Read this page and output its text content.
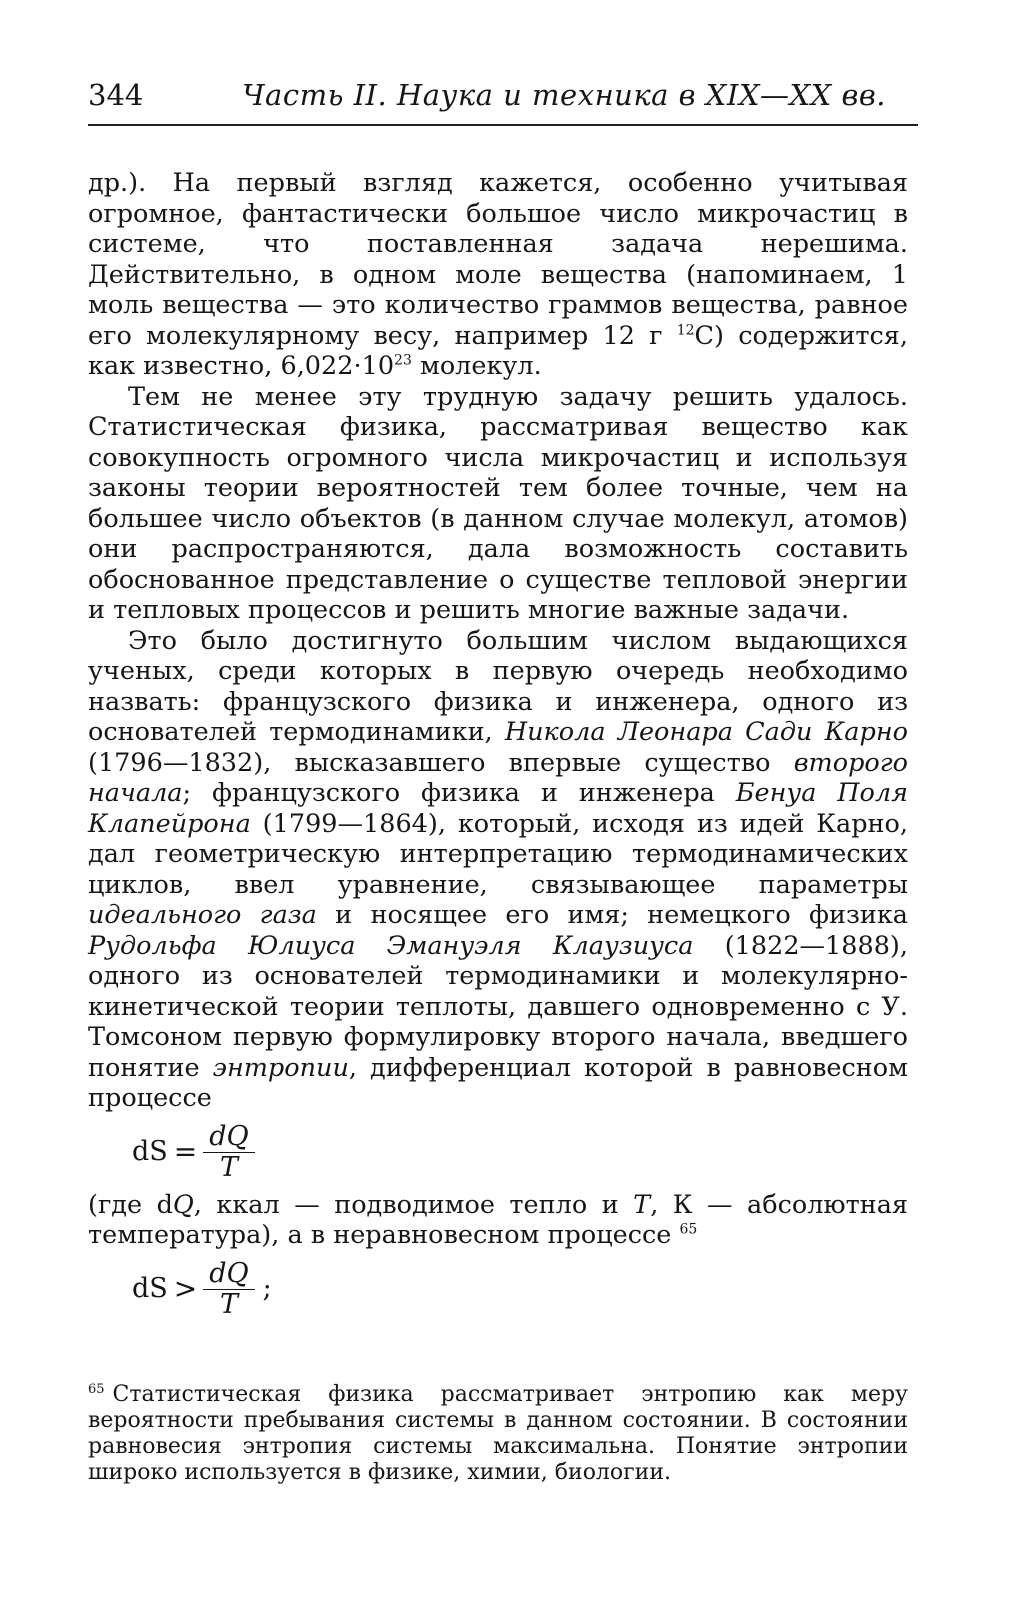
344	Часть II. Наука и техника в XIX—XX вв.

др.). На первый взгляд кажется, особенно учитывая огромное, фантастически большое число микрочастиц в системе, что поставленная задача нерешима. Действительно, в одном моле вещества (напоминаем, 1 моль вещества — это количество граммов вещества, равное его молекулярному весу, например 12 г $^{12}$С) содержится, как известно, $6,022\cdot 10^{23}$ молекул.

Тем не менее эту трудную задачу решить удалось. Статистическая физика, рассматривая вещество как совокупность огромного числа микрочастиц и используя законы теории вероятностей тем более точные, чем на большее число объектов (в данном случае молекул, атомов) они распространяются, дала возможность составить обоснованное представление о существе тепловой энергии и тепловых процессов и решить многие важные задачи.

Это было достигнуто большим числом выдающихся ученых, среди которых в первую очередь необходимо назвать: французского физика и инженера, одного из основателей термодинамики, Никола Леонара Сади Карно (1796—1832), высказавшего впервые существо второго начала; французского физика и инженера Бенуа Поля Клапейрона (1799—1864), который, исходя из идей Карно, дал геометрическую интерпретацию термодинамических циклов, ввел уравнение, связывающее параметры идеального газа и носящее его имя; немецкого физика Рудольфа Юлиуса Эмануэля Клаузиуса (1822—1888), одного из основателей термодинамики и молекулярно-кинетической теории теплоты, давшего одновременно с У. Томсоном первую формулировку второго начала, введшего понятие энтропии, дифференциал которой в равновесном процессе

dS = $\frac{dQ}{T}$

(где dQ, ккал — подводимое тепло и T, К — абсолютная температура), а в неравновесном процессе $^{65}$

dS > $\frac{dQ}{T}$ ;
$^{65}$ Статистическая физика рассматривает энтропию как меру вероятности пребывания системы в данном состоянии. В состоянии равновесия энтропия системы максимальна. Понятие энтропии широко используется в физике, химии, биологии.
